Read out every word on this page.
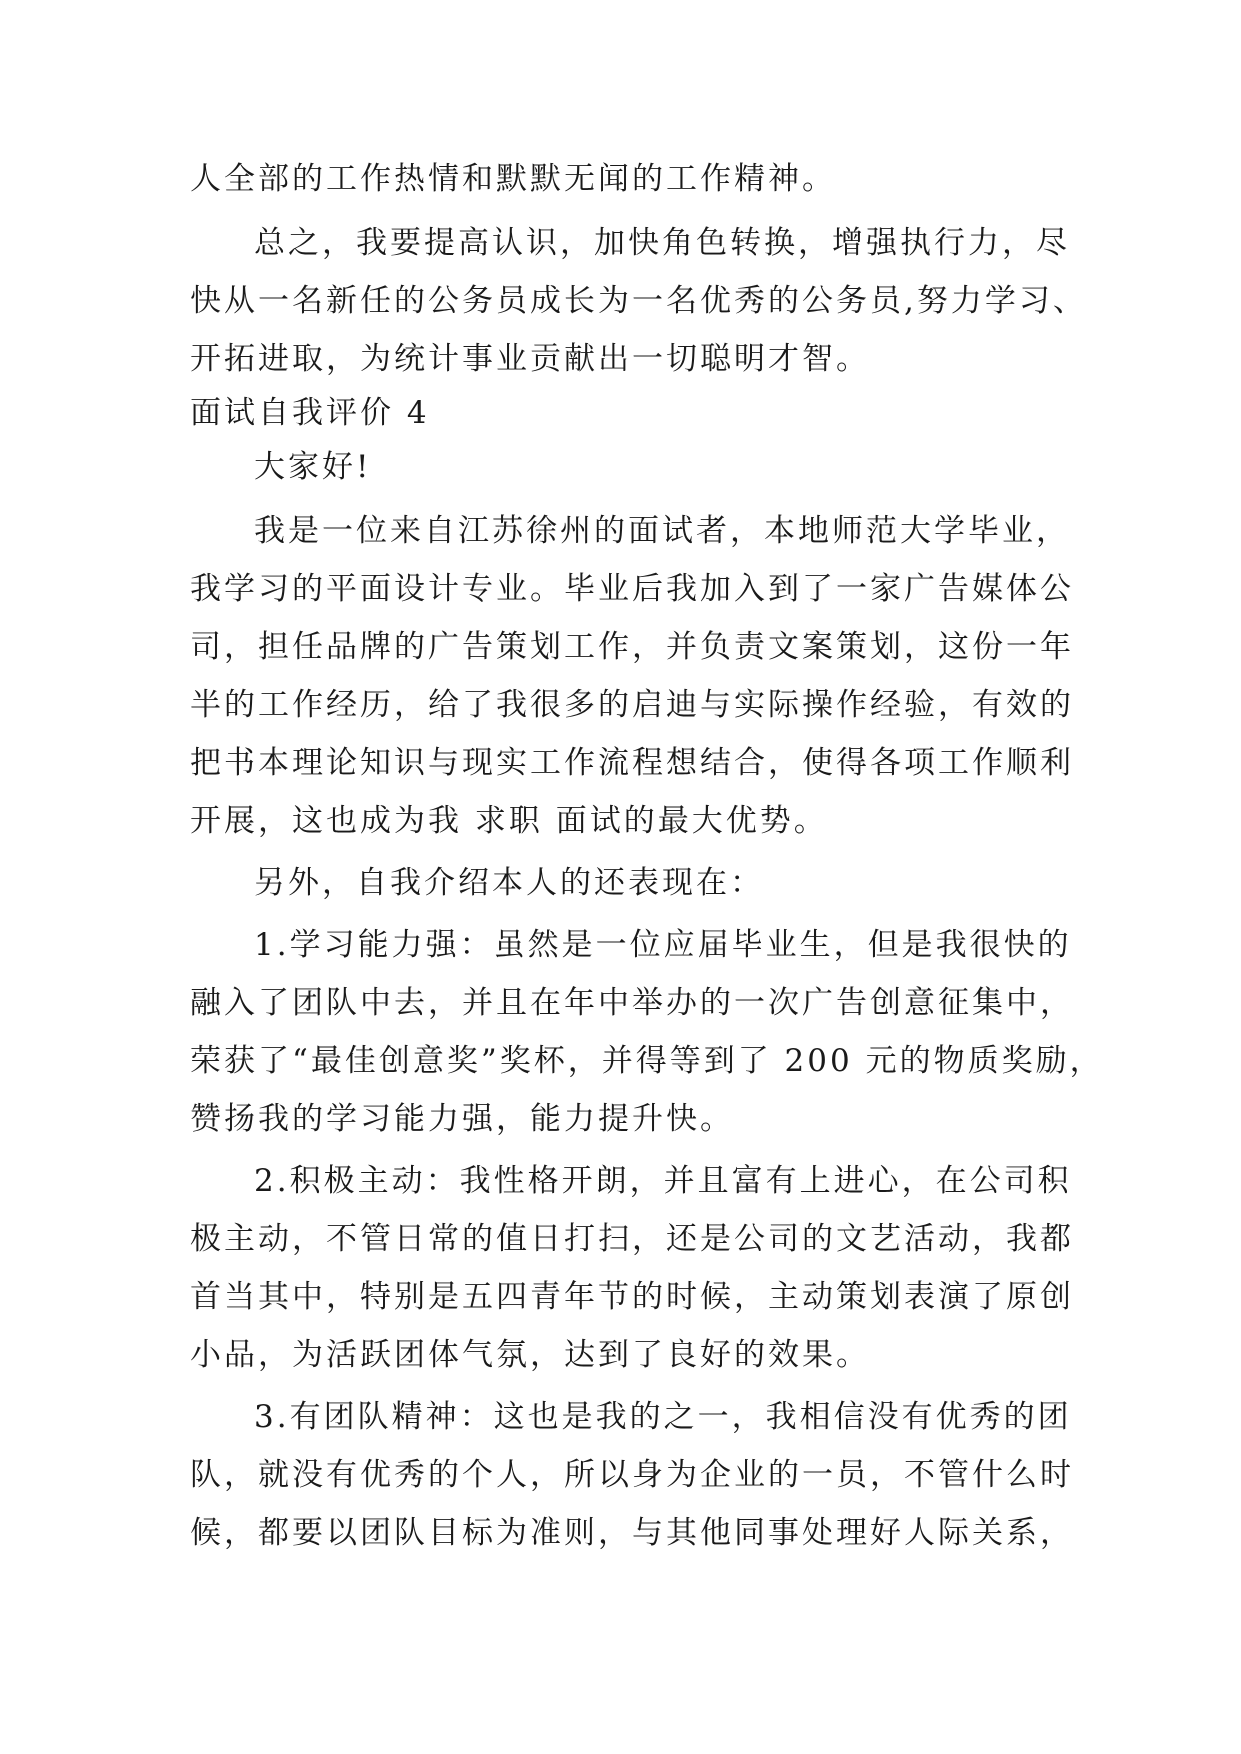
人全部的工作热情和默默无闻的工作精神。
总之，我要提高认识，加快角色转换，增强执行力，尽
快从一名新任的公务员成长为一名优秀的公务员,努力学习、
开拓进取，为统计事业贡献出一切聪明才智。
面试自我评价 4
大家好!
我是一位来自江苏徐州的面试者，本地师范大学毕业，
我学习的平面设计专业。毕业后我加入到了一家广告媒体公
司，担任品牌的广告策划工作，并负责文案策划，这份一年
半的工作经历，给了我很多的启迪与实际操作经验，有效的
把书本理论知识与现实工作流程想结合，使得各项工作顺利
开展，这也成为我 求职 面试的最大优势。
另外，自我介绍本人的还表现在：
1.学习能力强：虽然是一位应届毕业生，但是我很快的
融入了团队中去，并且在年中举办的一次广告创意征集中，
荣获了“最佳创意奖”奖杯，并得等到了 200 元的物质奖励，
赞扬我的学习能力强，能力提升快。
2.积极主动：我性格开朗，并且富有上进心，在公司积
极主动，不管日常的值日打扫，还是公司的文艺活动，我都
首当其中，特别是五四青年节的时候，主动策划表演了原创
小品，为活跃团体气氛，达到了良好的效果。
3.有团队精神：这也是我的之一，我相信没有优秀的团
队，就没有优秀的个人，所以身为企业的一员，不管什么时
候，都要以团队目标为准则，与其他同事处理好人际关系，
